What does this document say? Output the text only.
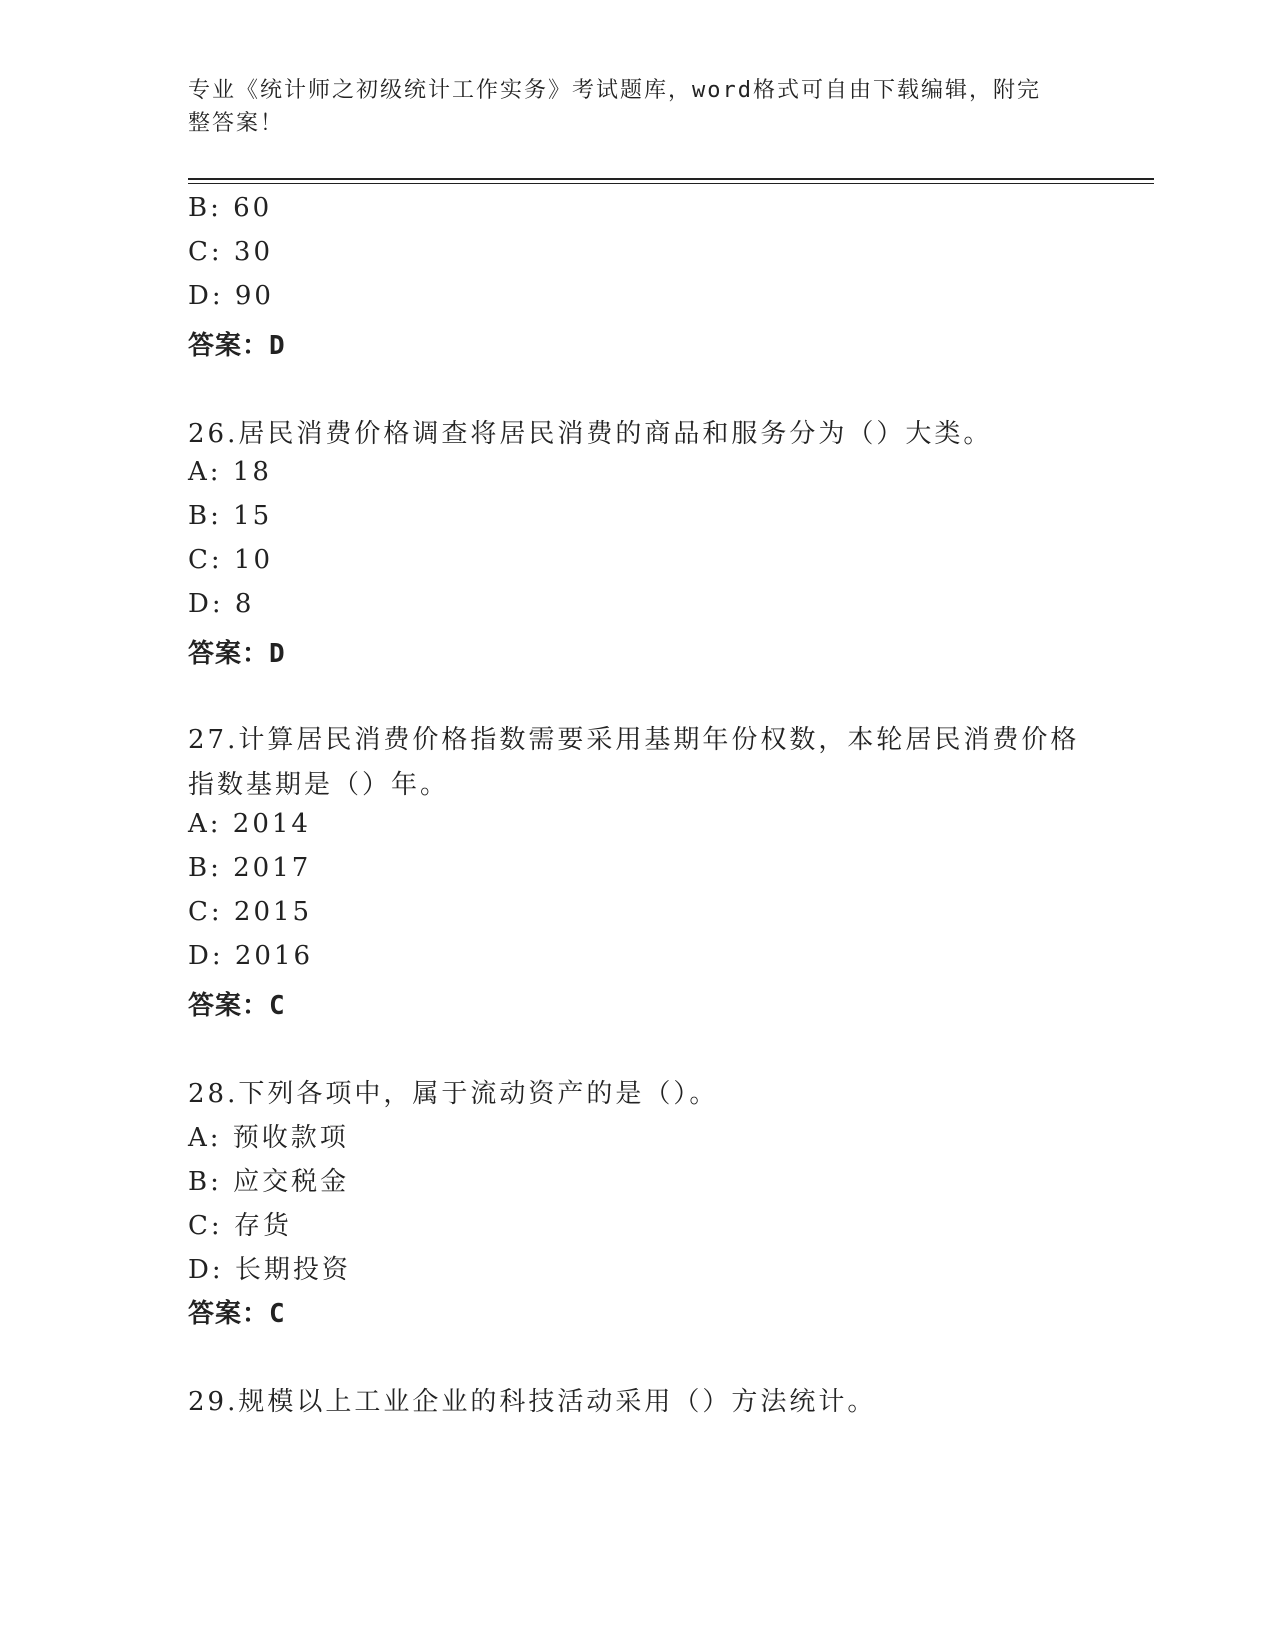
专业《统计师之初级统计工作实务》考试题库，word格式可自由下载编辑，附完
整答案！
B: 60
C: 30
D: 90
答案：D
26.居民消费价格调查将居民消费的商品和服务分为（）大类。
A: 18
B: 15
C: 10
D: 8
答案：D
27.计算居民消费价格指数需要采用基期年份权数，本轮居民消费价格
指数基期是（）年。
A: 2014
B: 2017
C: 2015
D: 2016
答案：C
28.下列各项中，属于流动资产的是（）。
A: 预收款项
B: 应交税金
C: 存货
D: 长期投资
答案：C
29.规模以上工业企业的科技活动采用（）方法统计。
